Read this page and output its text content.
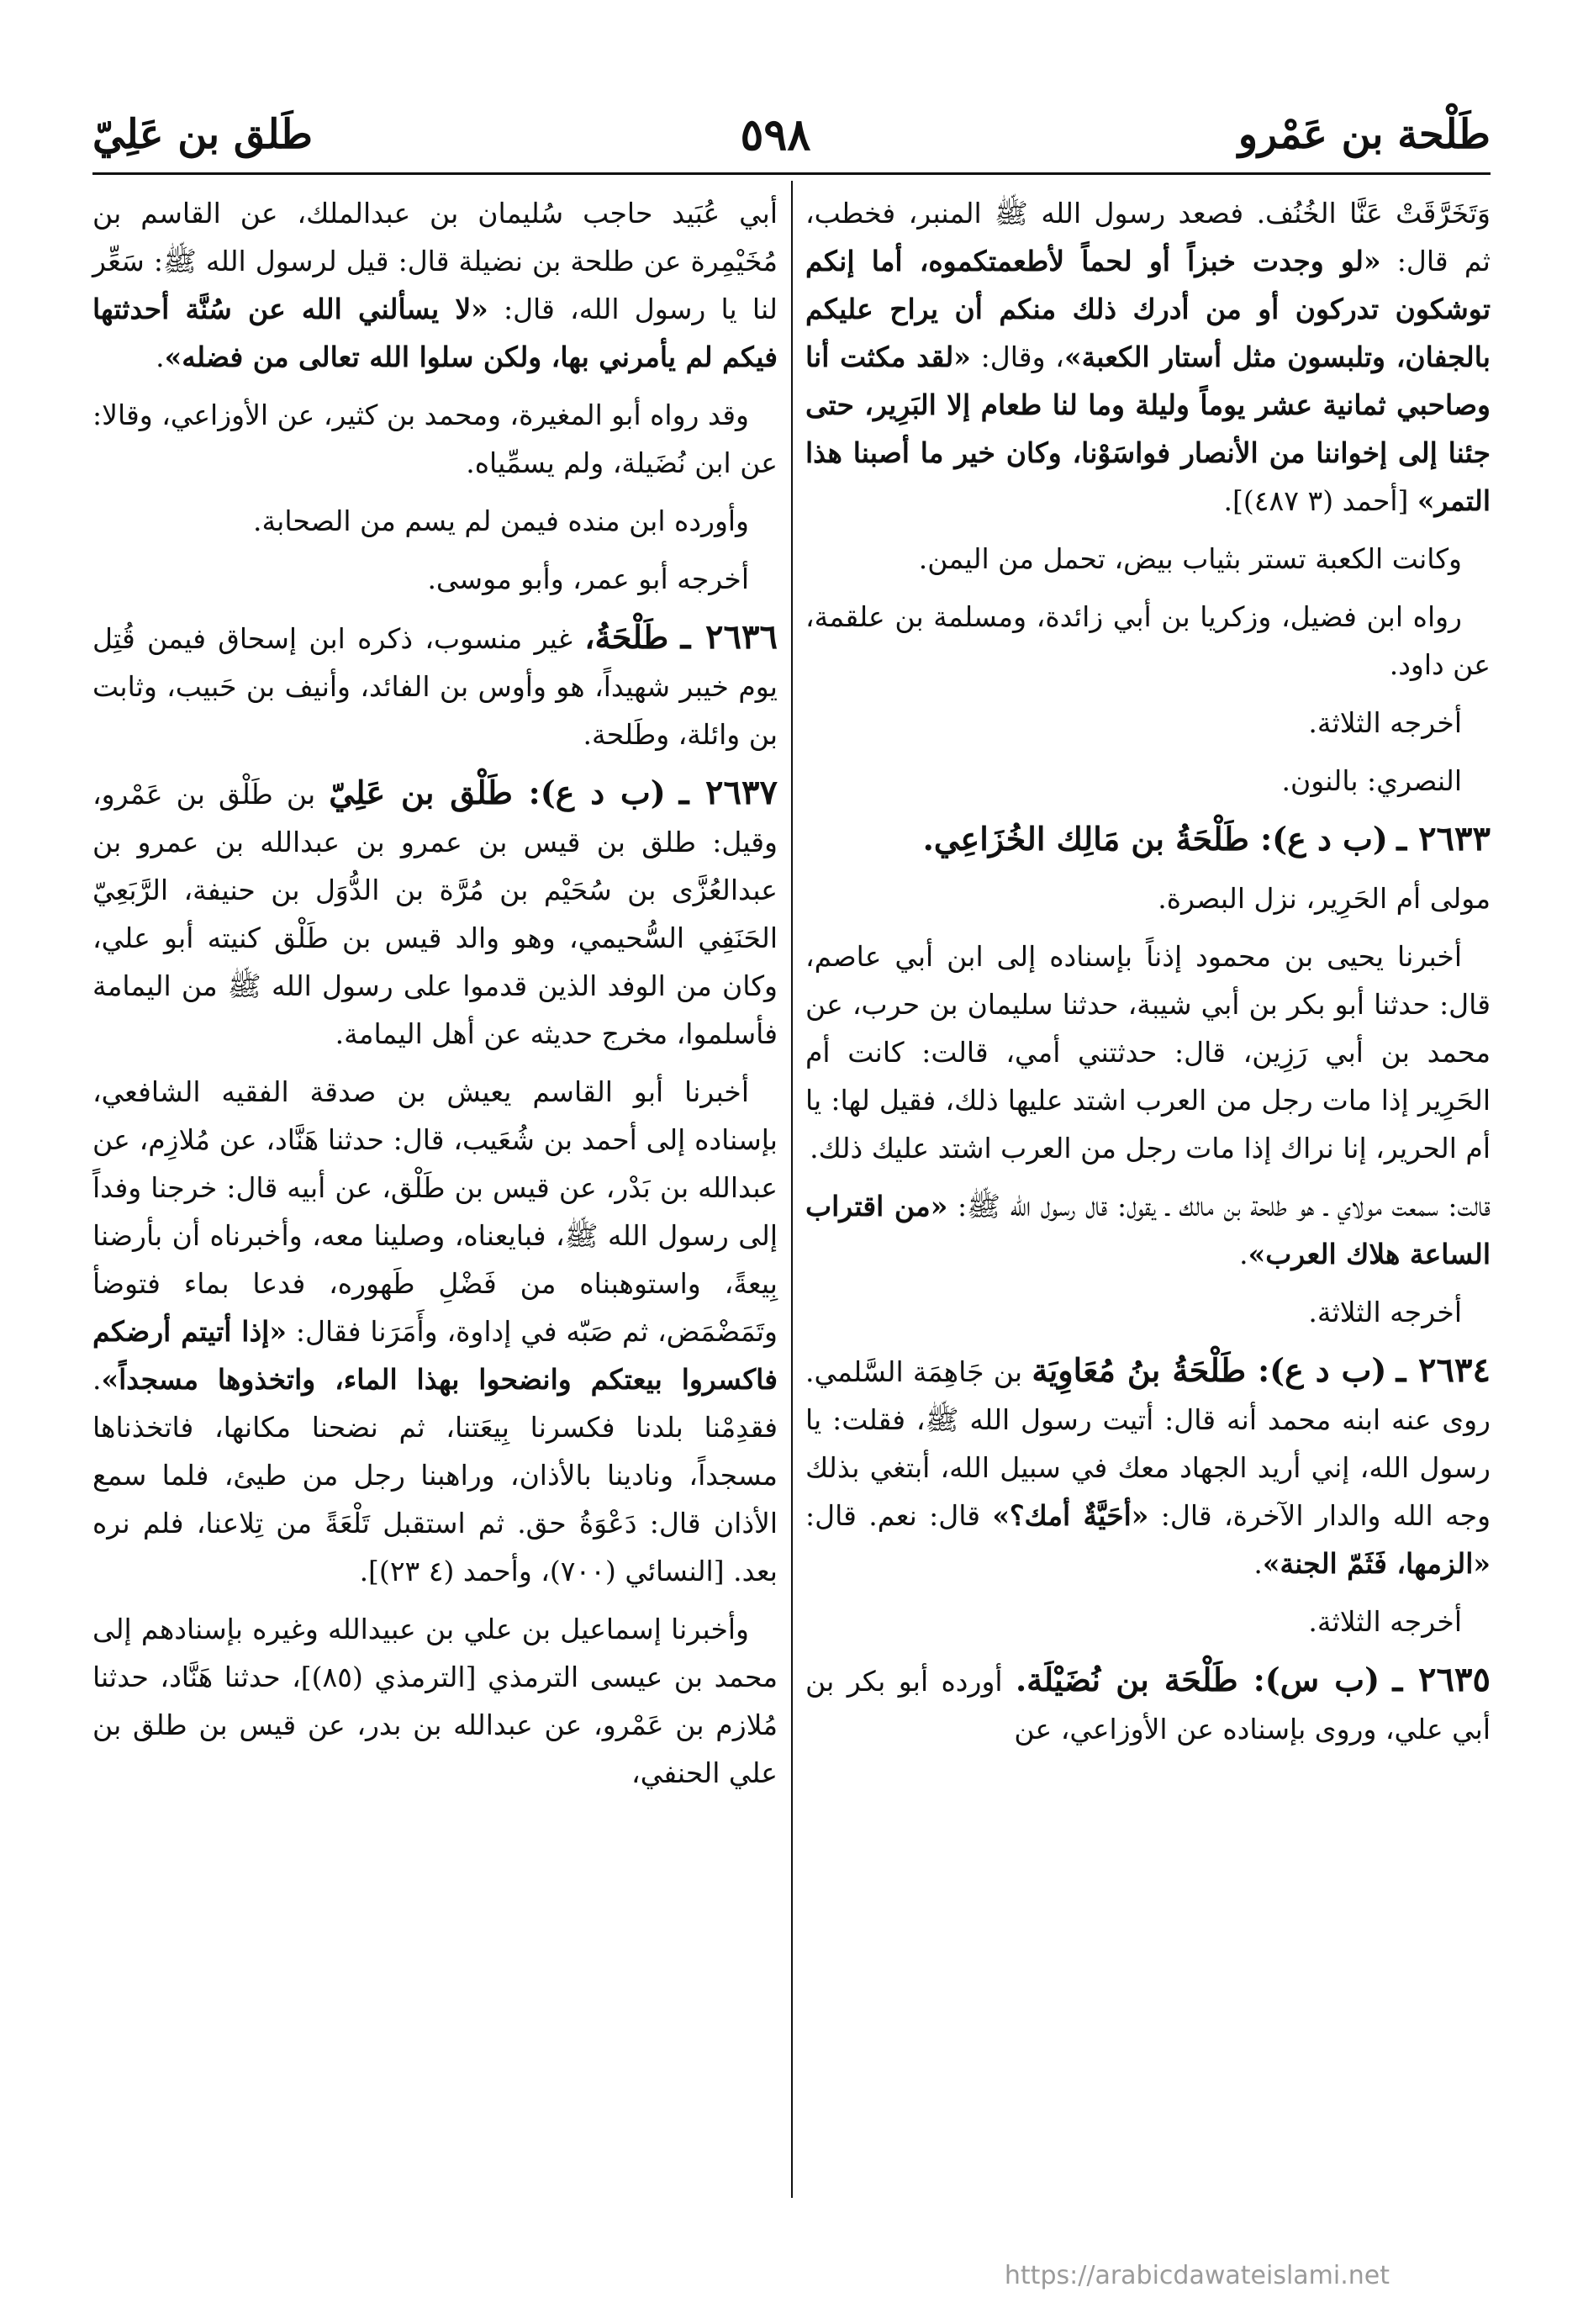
طَلْحة بن عَمْرو
٥٩٨
طَلق بن عَلِيّ

وَتَخَرَّقَتْ عَنَّا الخُنُف. فصعد رسول الله ﷺ المنبر، فخطب، ثم قال: «لو وجدت خبزاً أو لحماً لأطعمتكموه، أما إنكم توشكون تدركون أو من أدرك ذلك منكم أن يراح عليكم بالجفان، وتلبسون مثل أستار الكعبة»، وقال: «لقد مكثت أنا وصاحبي ثمانية عشر يوماً وليلة وما لنا طعام إلا البَرِير، حتى جئنا إلى إخواننا من الأنصار فواسَوْنا، وكان خير ما أصبنا هذا التمر» [أحمد (٣ ٤٨٧)].

وكانت الكعبة تستر بثياب بيض، تحمل من اليمن.

رواه ابن فضيل، وزكريا بن أبي زائدة، ومسلمة بن علقمة، عن داود.

أخرجه الثلاثة.

النصري: بالنون.

٢٦٣٣ ـ (ب د ع): طَلْحَةُ بن مَالِك الخُزَاعِي.

مولى أم الحَرِير، نزل البصرة.

أخبرنا يحيى بن محمود إذناً بإسناده إلى ابن أبي عاصم، قال: حدثنا أبو بكر بن أبي شيبة، حدثنا سليمان بن حرب، عن محمد بن أبي رَزِين، قال: حدثتني أمي، قالت: كانت أم الحَرِير إذا مات رجل من العرب اشتد عليها ذلك، فقيل لها: يا أم الحرير، إنا نراك إذا مات رجل من العرب اشتد عليك ذلك.

قالت: سمعت مولاي ـ هو طلحة بن مالك ـ يقول: قال رسول الله ﷺ: «من اقتراب الساعة هلاك العرب».

أخرجه الثلاثة.

٢٦٣٤ ـ (ب د ع): طَلْحَةُ بنُ مُعَاوِيَة بن جَاهِمَة السَّلمي. روى عنه ابنه محمد أنه قال: أتيت رسول الله ﷺ، فقلت: يا رسول الله، إني أريد الجهاد معك في سبيل الله، أبتغي بذلك وجه الله والدار الآخرة، قال: «أحَيَّةٌ أمك؟» قال: نعم. قال: «الزمها، فَثَمّ الجنة».

أخرجه الثلاثة.

٢٦٣٥ ـ (ب س): طَلْحَة بن نُضَيْلَة. أورده أبو بكر بن أبي علي، وروى بإسناده عن الأوزاعي، عن

أبي عُبَيد حاجب سُليمان بن عبدالملك، عن القاسم بن مُخَيْمِرة عن طلحة بن نضيلة قال: قيل لرسول الله ﷺ: سَعِّر لنا يا رسول الله، قال: «لا يسألني الله عن سُنَّة أحدثتها فيكم لم يأمرني بها، ولكن سلوا الله تعالى من فضله».

وقد رواه أبو المغيرة، ومحمد بن كثير، عن الأوزاعي، وقالا: عن ابن نُضَيلة، ولم يسمِّياه.

وأورده ابن منده فيمن لم يسم من الصحابة.

أخرجه أبو عمر، وأبو موسى.

٢٦٣٦ ـ طَلْحَةُ، غير منسوب، ذكره ابن إسحاق فيمن قُتِل يوم خيبر شهيداً، هو وأوس بن الفائد، وأنيف بن حَبيب، وثابت بن وائلة، وطَلحة.

٢٦٣٧ ـ (ب د ع): طَلْق بن عَلِيّ بن طَلْق بن عَمْرو، وقيل: طلق بن قيس بن عمرو بن عبدالله بن عمرو بن عبدالعُزَّى بن سُحَيْم بن مُرَّة بن الدُّوَل بن حنيفة، الرَّبَعِيّ الحَنَفِي السُّحيمي، وهو والد قيس بن طَلْق كنيته أبو علي، وكان من الوفد الذين قدموا على رسول الله ﷺ من اليمامة فأسلموا، مخرج حديثه عن أهل اليمامة.

أخبرنا أبو القاسم يعيش بن صدقة الفقيه الشافعي، بإسناده إلى أحمد بن شُعَيب، قال: حدثنا هَنَّاد، عن مُلازِم، عن عبدالله بن بَدْر، عن قيس بن طَلْق، عن أبيه قال: خرجنا وفداً إلى رسول الله ﷺ، فبايعناه، وصلينا معه، وأخبرناه أن بأرضنا بِيعةً، واستوهبناه من فَضْلِ طَهوره، فدعا بماء فتوضأ وتَمَضْمَض، ثم صَبّه في إداوة، وأَمَرَنا فقال: «إذا أتيتم أرضكم فاكسروا بيعتكم وانضحوا بهذا الماء، واتخذوها مسجداً». فقدِمْنا بلدنا فكسرنا بِيعَتنا، ثم نضحنا مكانها، فاتخذناها مسجداً، ونادينا بالأذان، وراهبنا رجل من طيئ، فلما سمع الأذان قال: دَعْوَةُ حق. ثم استقبل تَلْعَةً من تِلاعنا، فلم نره بعد. [النسائي (٧٠٠)، وأحمد (٤ ٢٣)].

وأخبرنا إسماعيل بن علي بن عبيدالله وغيره بإسنادهم إلى محمد بن عيسى الترمذي [الترمذي (٨٥)]، حدثنا هَنَّاد، حدثنا مُلازم بن عَمْرو، عن عبدالله بن بدر، عن قيس بن طلق بن علي الحنفي،

https://arabicdawateislami.net
